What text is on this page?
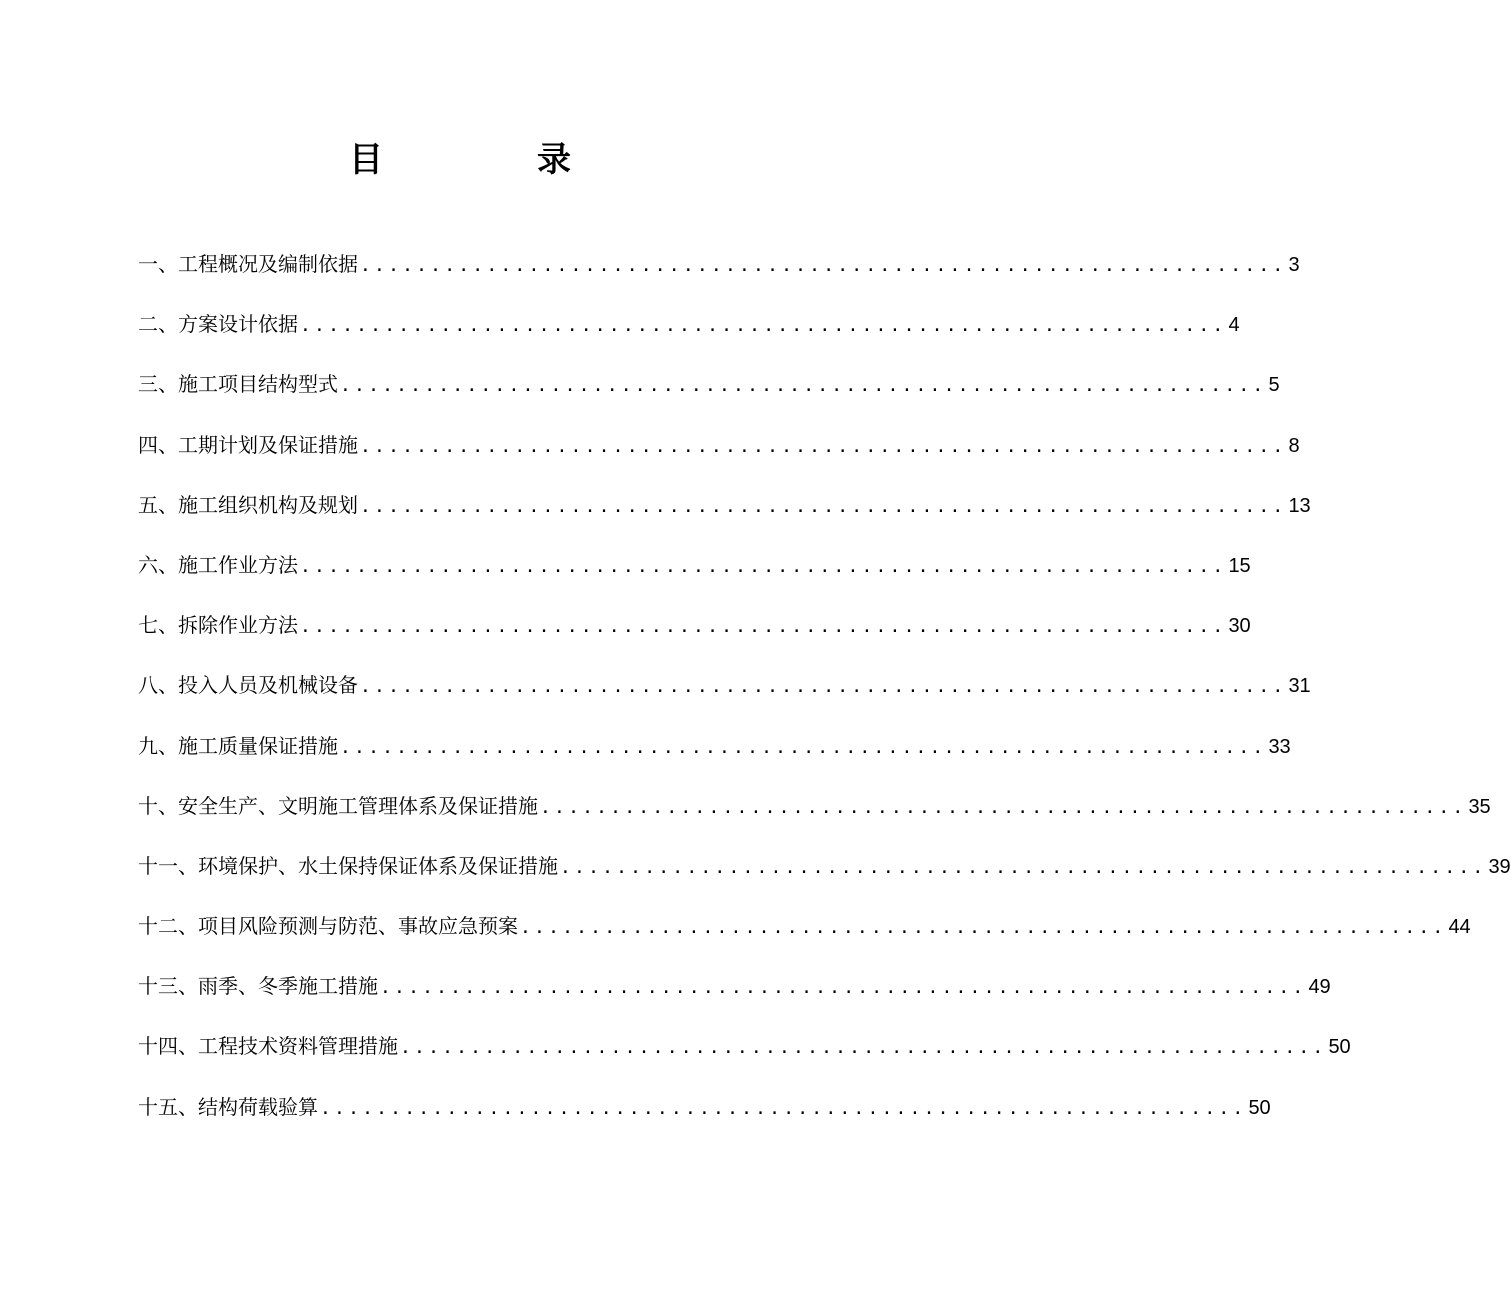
目　录
一、工程概况及编制依据 .................................................................. 3
二、方案设计依据 .................................................................. 4
三、施工项目结构型式 .................................................................. 5
四、工期计划及保证措施 .................................................................. 8
五、施工组织机构及规划 .................................................................. 13
六、施工作业方法 .................................................................. 15
七、拆除作业方法 .................................................................. 30
八、投入人员及机械设备 .................................................................. 31
九、施工质量保证措施 .................................................................. 33
十、安全生产、文明施工管理体系及保证措施 .................................................................. 35
十一、环境保护、水土保持保证体系及保证措施 .................................................................. 39
十二、项目风险预测与防范、事故应急预案 .................................................................. 44
十三、雨季、冬季施工措施 .................................................................. 49
十四、工程技术资料管理措施 .................................................................. 50
十五、结构荷载验算 .................................................................. 50
